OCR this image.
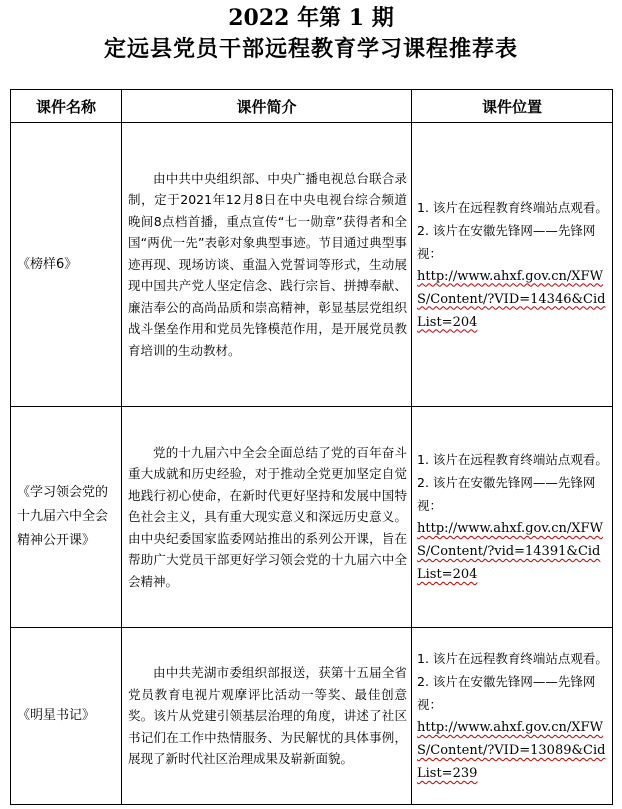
2022 年第 1 期
定远县党员干部远程教育学习课程推荐表
课件名称	课件简介	课件位置
《榜样6》	由中共中央组织部、中央广播电视总台联合录制，定于2021年12月8日在中央电视台综合频道晚间8点档首播，重点宣传“七一勋章”获得者和全国“两优一先”表彰对象典型事迹。节目通过典型事迹再现、现场访谈、重温入党誓词等形式，生动展现中国共产党人坚定信念、践行宗旨、拼搏奉献、廉洁奉公的高尚品质和崇高精神，彰显基层党组织战斗堡垒作用和党员先锋模范作用，是开展党员教育培训的生动教材。	1. 该片在远程教育终端站点观看。
2. 该片在安徽先锋网——先锋网视：
http://www.ahxf.gov.cn/XFWS/Content/?VID=14346&CidList=204

《学习领会党的十九届六中全会精神公开课》	党的十九届六中全会全面总结了党的百年奋斗重大成就和历史经验，对于推动全党更加坚定自觉地践行初心使命，在新时代更好坚持和发展中国特色社会主义，具有重大现实意义和深远历史意义。由中央纪委国家监委网站推出的系列公开课，旨在帮助广大党员干部更好学习领会党的十九届六中全会精神。	1. 该片在远程教育终端站点观看。
2. 该片在安徽先锋网——先锋网视：
http://www.ahxf.gov.cn/XFWS/Content/?vid=14391&CidList=204

《明星书记》	由中共芜湖市委组织部报送，获第十五届全省党员教育电视片观摩评比活动一等奖、最佳创意奖。该片从党建引领基层治理的角度，讲述了社区书记们在工作中热情服务、为民解忧的具体事例，展现了新时代社区治理成果及崭新面貌。	1. 该片在远程教育终端站点观看。
2. 该片在安徽先锋网——先锋网视：
http://www.ahxf.gov.cn/XFWS/Content/?VID=13089&CidList=239
